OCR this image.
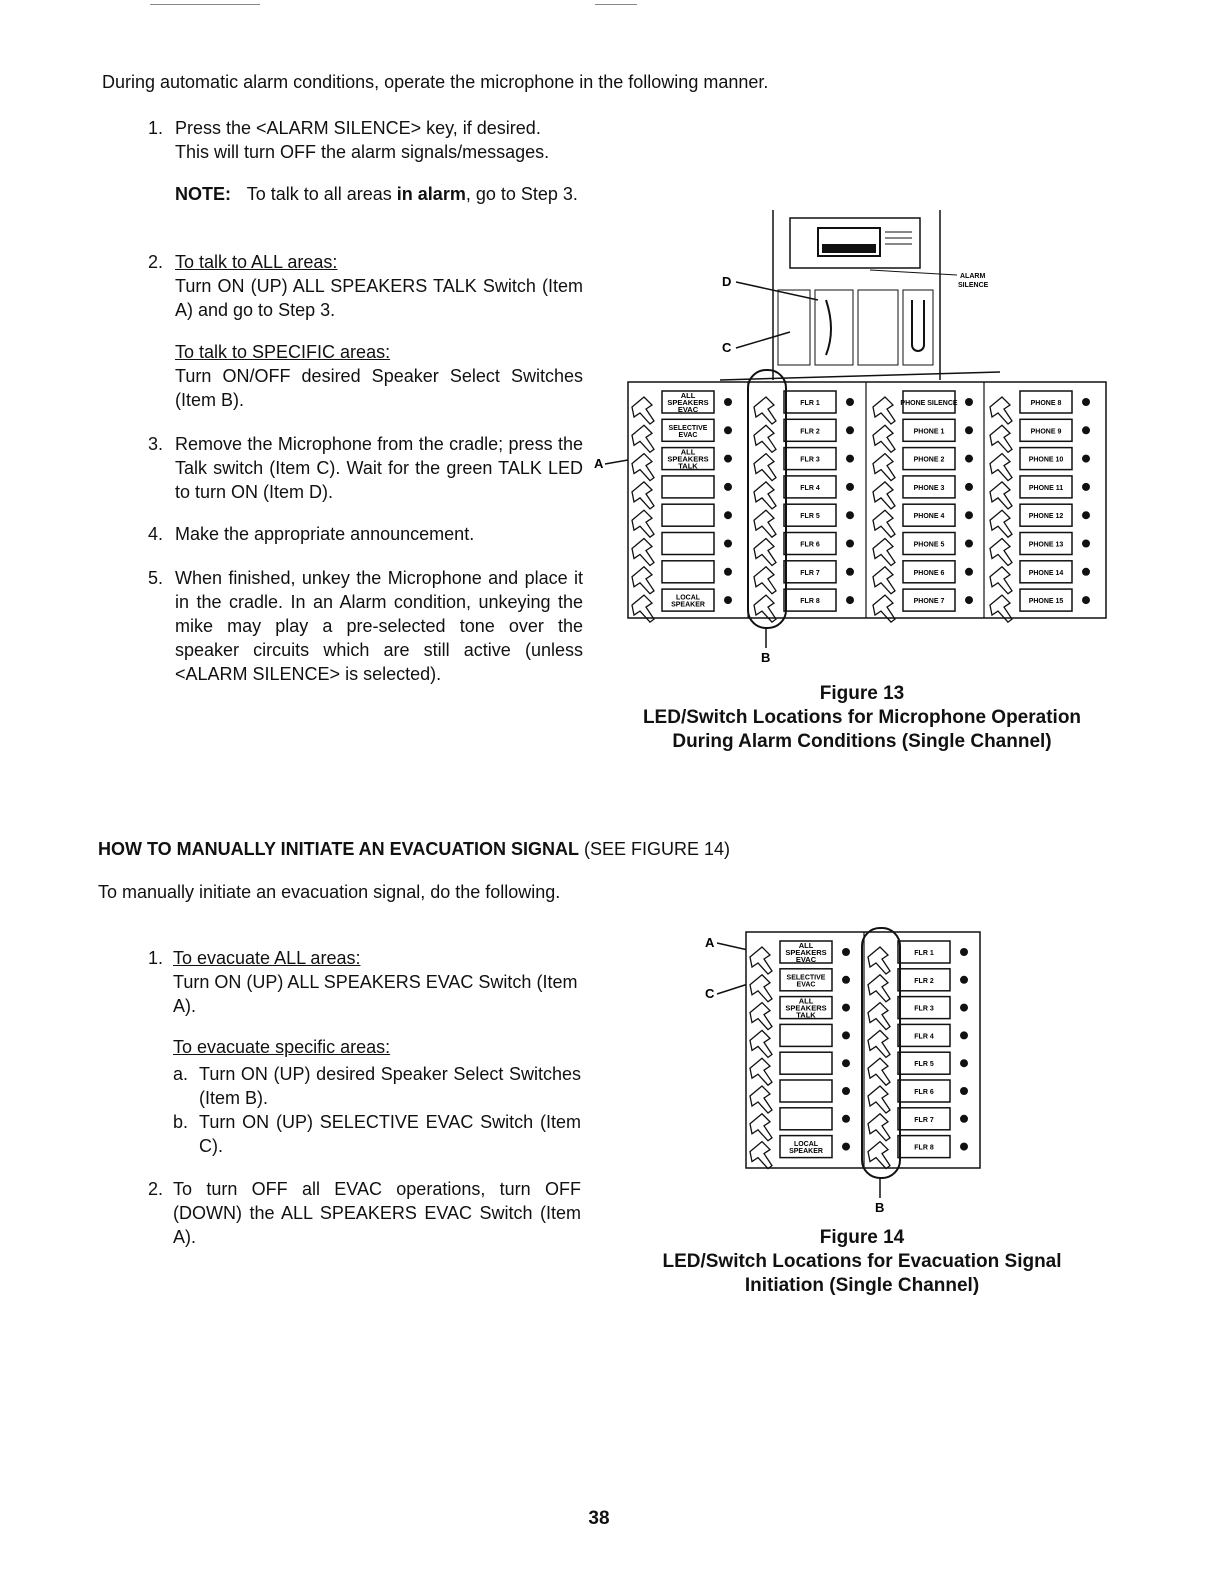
During automatic alarm conditions, operate the microphone in the following manner.
1. Press the <ALARM SILENCE> key, if desired.
This will turn OFF the alarm signals/messages.
NOTE: To talk to all areas in alarm, go to Step 3.
2. To talk to ALL areas:
Turn ON (UP) ALL SPEAKERS TALK Switch (Item A) and go to Step 3.
To talk to SPECIFIC areas:
Turn ON/OFF desired Speaker Select Switches (Item B).
3. Remove the Microphone from the cradle; press the Talk switch (Item C). Wait for the green TALK LED to turn ON (Item D).
4. Make the appropriate announcement.
5. When finished, unkey the Microphone and place it in the cradle. In an Alarm condition, unkeying the mike may play a pre-selected tone over the speaker circuits which are still active (unless <ALARM SILENCE> is selected).
D
C
ALARM
SILENCE
A
ALL
SPEAKERS
EVAC
SELECTIVE
EVAC
ALL
SPEAKERS
TALK
LOCAL
SPEAKER
FLR 1
FLR 2
FLR 3
FLR 4
FLR 5
FLR 6
FLR 7
FLR 8
PHONE SILENCE
PHONE 1
PHONE 2
PHONE 3
PHONE 4
PHONE 5
PHONE 6
PHONE 7
PHONE 8
PHONE 9
PHONE 10
PHONE 11
PHONE 12
PHONE 13
PHONE 14
PHONE 15
B
Figure 13
LED/Switch Locations for Microphone Operation
During Alarm Conditions (Single Channel)
HOW TO MANUALLY INITIATE AN EVACUATION SIGNAL (SEE FIGURE 14)
To manually initiate an evacuation signal, do the following.
1. To evacuate ALL areas:
Turn ON (UP) ALL SPEAKERS EVAC Switch (Item A).
To evacuate specific areas:
a. Turn ON (UP) desired Speaker Select Switches (Item B).
b. Turn ON (UP) SELECTIVE EVAC Switch (Item C).
2. To turn OFF all EVAC operations, turn OFF (DOWN) the ALL SPEAKERS EVAC Switch (Item A).
A
C
ALL
SPEAKERS
EVAC
SELECTIVE
EVAC
ALL
SPEAKERS
TALK
LOCAL
SPEAKER
FLR 1
FLR 2
FLR 3
FLR 4
FLR 5
FLR 6
FLR 7
FLR 8
B
Figure 14
LED/Switch Locations for Evacuation Signal
Initiation (Single Channel)
38
